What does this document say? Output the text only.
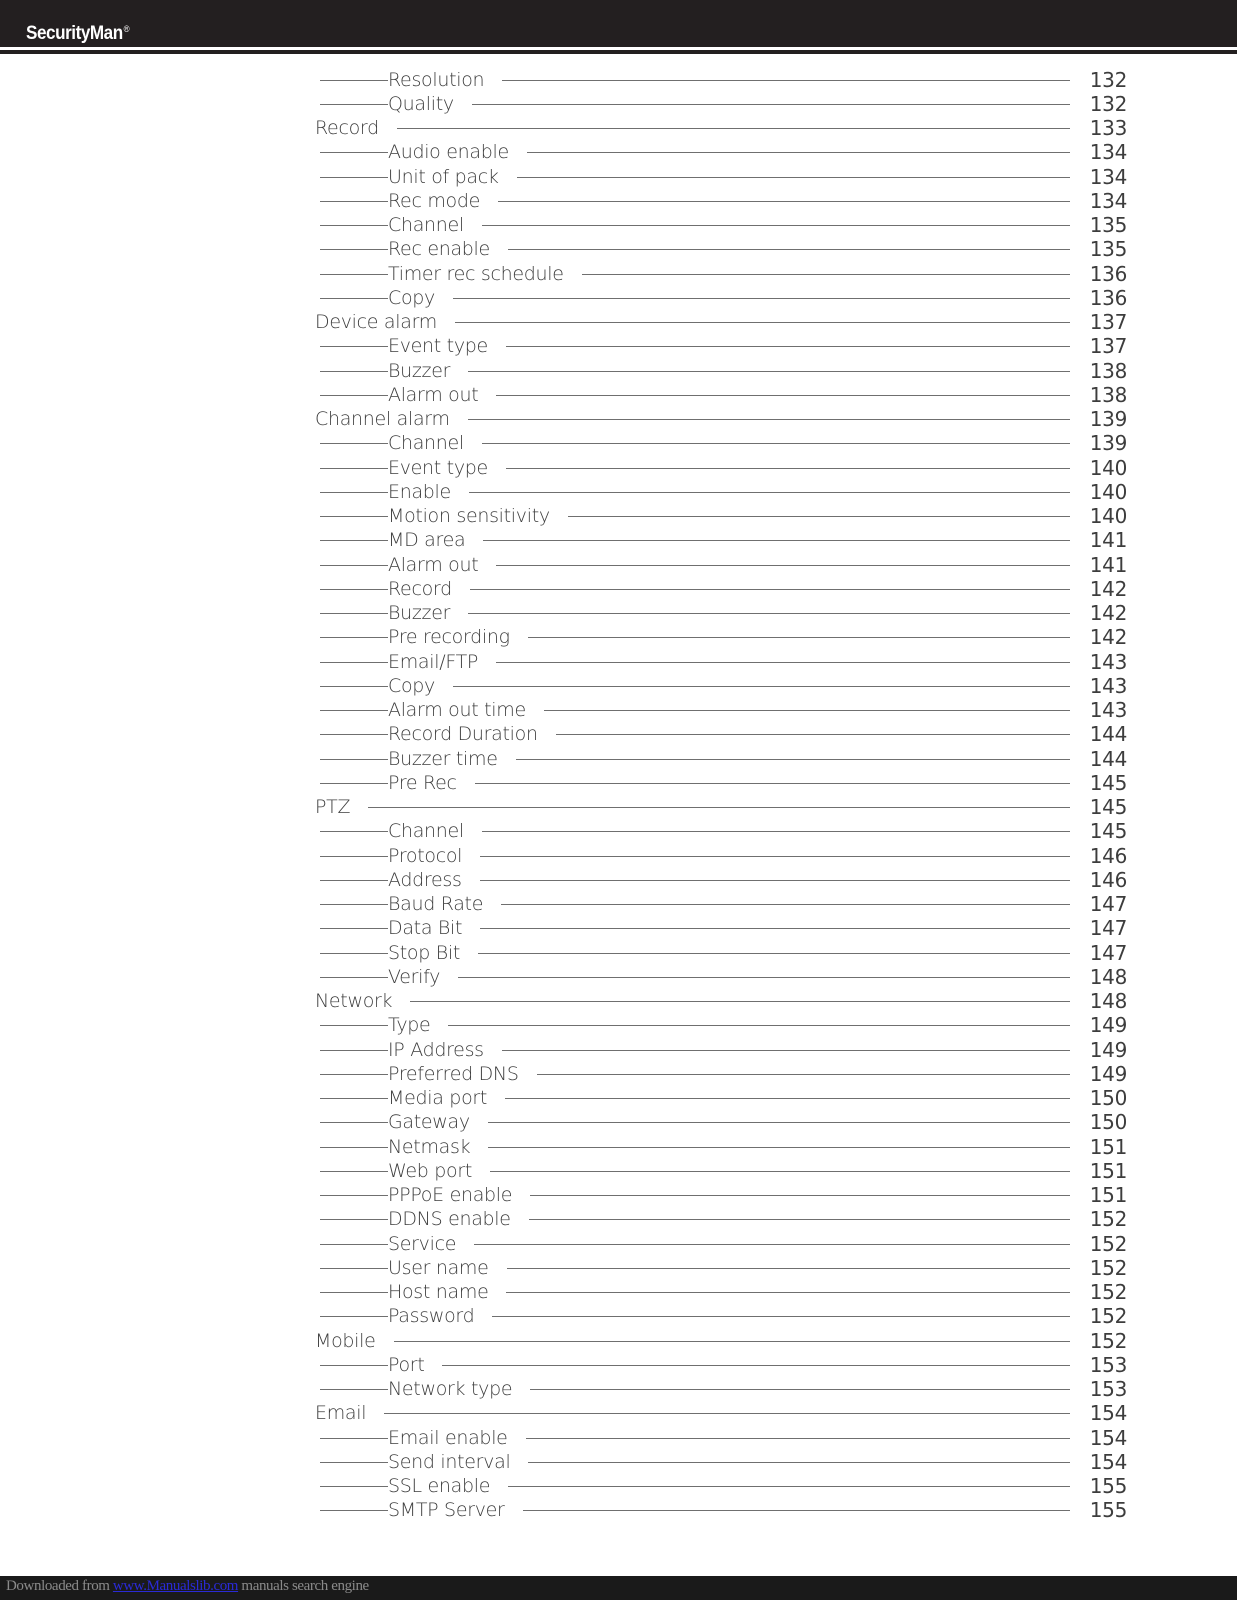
SecurityMan®
Resolution	132
Quality	132
Record	133
Audio enable	134
Unit of pack	134
Rec mode	134
Channel	135
Rec enable	135
Timer rec schedule	136
Copy	136
Device alarm	137
Event type	137
Buzzer	138
Alarm out	138
Channel alarm	139
Channel	139
Event type	140
Enable	140
Motion sensitivity	140
MD area	141
Alarm out	141
Record	142
Buzzer	142
Pre recording	142
Email/FTP	143
Copy	143
Alarm out time	143
Record Duration	144
Buzzer time	144
Pre Rec	145
PTZ	145
Channel	145
Protocol	146
Address	146
Baud Rate	147
Data Bit	147
Stop Bit	147
Verify	148
Network	148
Type	149
IP Address	149
Preferred DNS	149
Media port	150
Gateway	150
Netmask	151
Web port	151
PPPoE enable	151
DDNS enable	152
Service	152
User name	152
Host name	152
Password	152
Mobile	152
Port	153
Network type	153
Email	154
Email enable	154
Send interval	154
SSL enable	155
SMTP Server	155
Downloaded from www.Manualslib.com manuals search engine
